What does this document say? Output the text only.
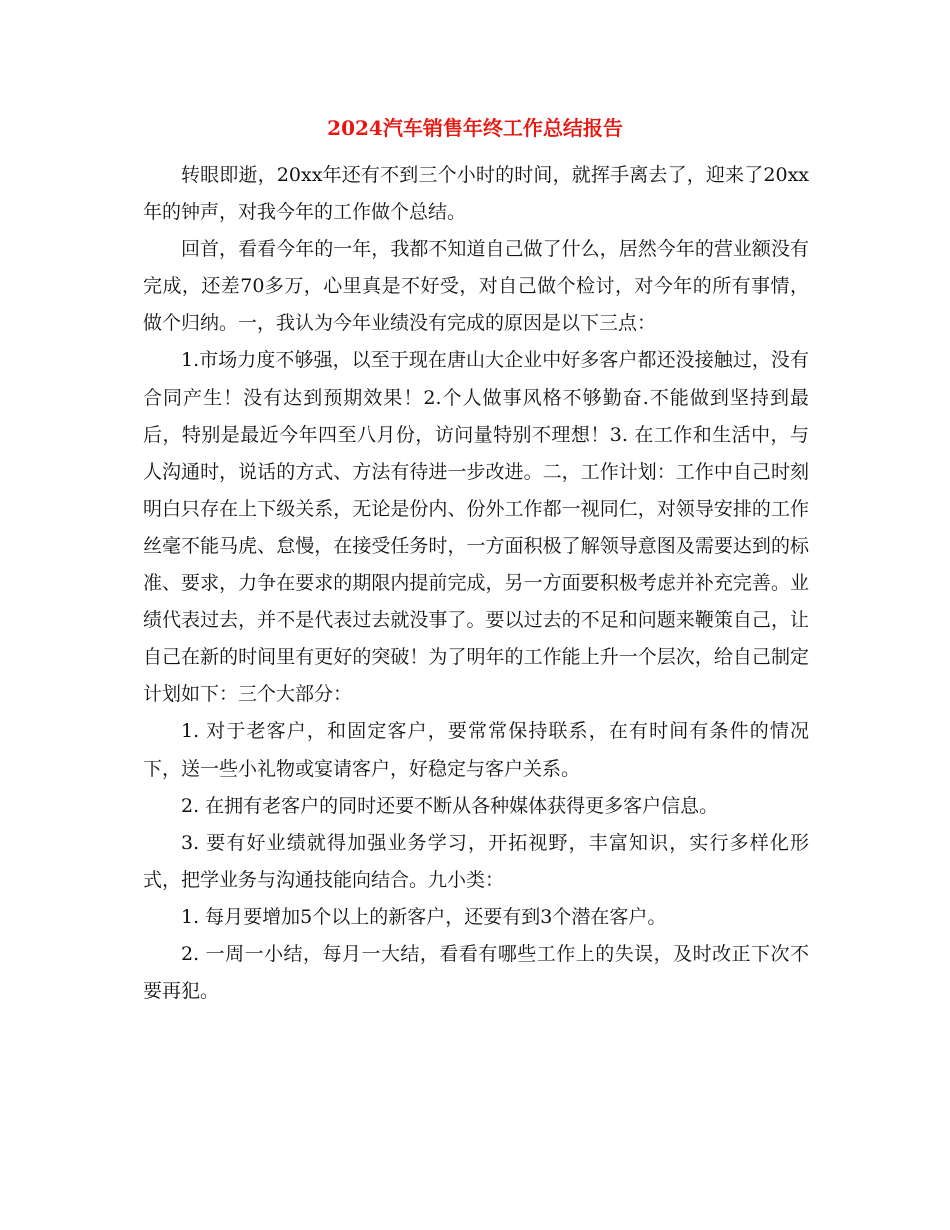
2024汽车销售年终工作总结报告

转眼即逝，20xx年还有不到三个小时的时间，就挥手离去了，迎来了20xx年的钟声，对我今年的工作做个总结。

回首，看看今年的一年，我都不知道自己做了什么，居然今年的营业额没有完成，还差70多万，心里真是不好受，对自己做个检讨，对今年的所有事情，做个归纳。一，我认为今年业绩没有完成的原因是以下三点：

1.市场力度不够强，以至于现在唐山大企业中好多客户都还没接触过，没有合同产生！没有达到预期效果！2.个人做事风格不够勤奋.不能做到坚持到最后，特别是最近今年四至八月份，访问量特别不理想！3. 在工作和生活中，与人沟通时，说话的方式、方法有待进一步改进。二，工作计划：工作中自己时刻明白只存在上下级关系，无论是份内、份外工作都一视同仁，对领导安排的工作丝毫不能马虎、怠慢，在接受任务时，一方面积极了解领导意图及需要达到的标准、要求，力争在要求的期限内提前完成，另一方面要积极考虑并补充完善。业绩代表过去，并不是代表过去就没事了。要以过去的不足和问题来鞭策自己，让自己在新的时间里有更好的突破！为了明年的工作能上升一个层次，给自己制定计划如下：三个大部分：

1. 对于老客户，和固定客户，要常常保持联系，在有时间有条件的情况下，送一些小礼物或宴请客户，好稳定与客户关系。

2. 在拥有老客户的同时还要不断从各种媒体获得更多客户信息。

3. 要有好业绩就得加强业务学习，开拓视野，丰富知识，实行多样化形式，把学业务与沟通技能向结合。九小类：

1. 每月要增加5个以上的新客户，还要有到3个潜在客户。

2. 一周一小结，每月一大结，看看有哪些工作上的失误，及时改正下次不要再犯。
